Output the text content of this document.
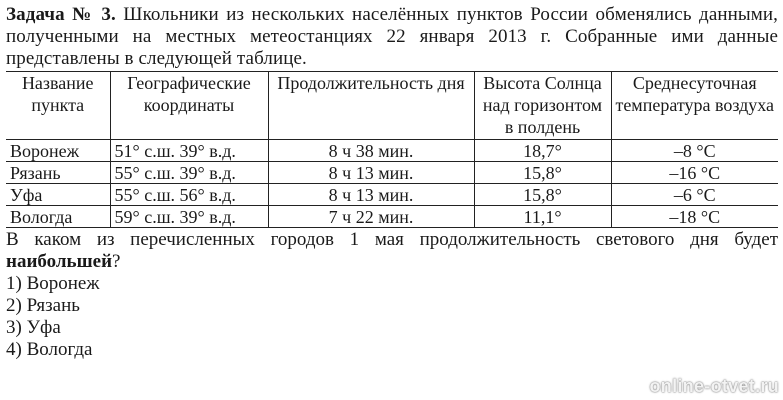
Задача № 3. Школьники из нескольких населённых пунктов России обменялись данными, полученными на местных метеостанциях 22 января 2013 г. Собранные ими данные представлены в следующей таблице.
Название пункта	Географические координаты	Продолжительность дня	Высота Солнца над горизонтом в полдень	Среднесуточная температура воздуха
Воронеж	51° с.ш. 39° в.д.	8 ч 38 мин.	18,7°	–8 °С
Рязань	55° с.ш. 39° в.д.	8 ч 13 мин.	15,8°	–16 °С
Уфа	55° с.ш. 56° в.д.	8 ч 13 мин.	15,8°	–6 °С
Вологда	59° с.ш. 39° в.д.	7 ч 22 мин.	11,1°	–18 °С
В каком из перечисленных городов 1 мая продолжительность светового дня будет наибольшей?
1) Воронеж
2) Рязань
3) Уфа
4) Вологда
online-otvet.ru
